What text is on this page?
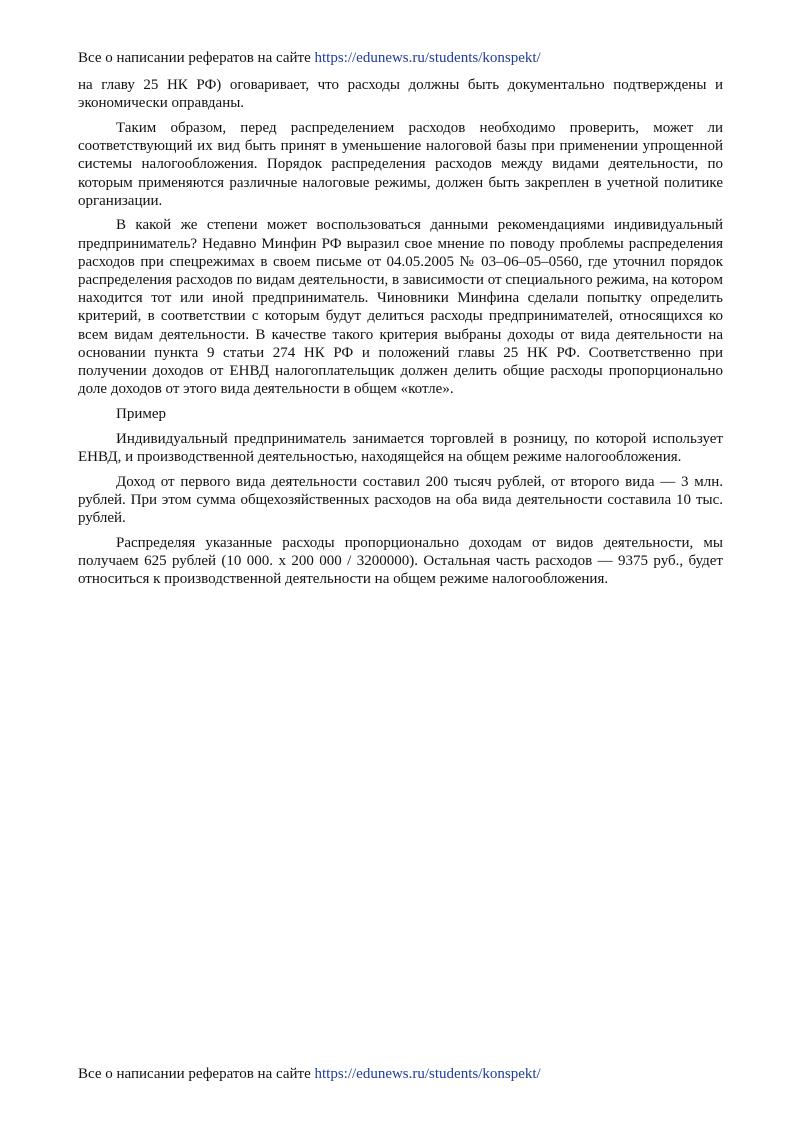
Все о написании рефератов на сайте https://edunews.ru/students/konspekt/

на главу 25 НК РФ) оговаривает, что расходы должны быть документально подтверждены и экономически оправданы.

Таким образом, перед распределением расходов необходимо проверить, может ли соответствующий их вид быть принят в уменьшение налоговой базы при применении упрощенной системы налогообложения. Порядок распределения расходов между видами деятельности, по которым применяются различные налоговые режимы, должен быть закреплен в учетной политике организации.

В какой же степени может воспользоваться данными рекомендациями индивидуальный предприниматель? Недавно Минфин РФ выразил свое мнение по поводу проблемы распределения расходов при спецрежимах в своем письме от 04.05.2005 № 03–06–05–0560, где уточнил порядок распределения расходов по видам деятельности, в зависимости от специального режима, на котором находится тот или иной предприниматель. Чиновники Минфина сделали попытку определить критерий, в соответствии с которым будут делиться расходы предпринимателей, относящихся ко всем видам деятельности. В качестве такого критерия выбраны доходы от вида деятельности на основании пункта 9 статьи 274 НК РФ и положений главы 25 НК РФ. Соответственно при получении доходов от ЕНВД налогоплательщик должен делить общие расходы пропорционально доле доходов от этого вида деятельности в общем «котле».

Пример

Индивидуальный предприниматель занимается торговлей в розницу, по которой использует ЕНВД, и производственной деятельностью, находящейся на общем режиме налогообложения.

Доход от первого вида деятельности составил 200 тысяч рублей, от второго вида — 3 млн. рублей. При этом сумма общехозяйственных расходов на оба вида деятельности составила 10 тыс. рублей.

Распределяя указанные расходы пропорционально доходам от видов деятельности, мы получаем 625 рублей (10 000. x 200 000 / 3200000). Остальная часть расходов — 9375 руб., будет относиться к производственной деятельности на общем режиме налогообложения.

Все о написании рефератов на сайте https://edunews.ru/students/konspekt/
